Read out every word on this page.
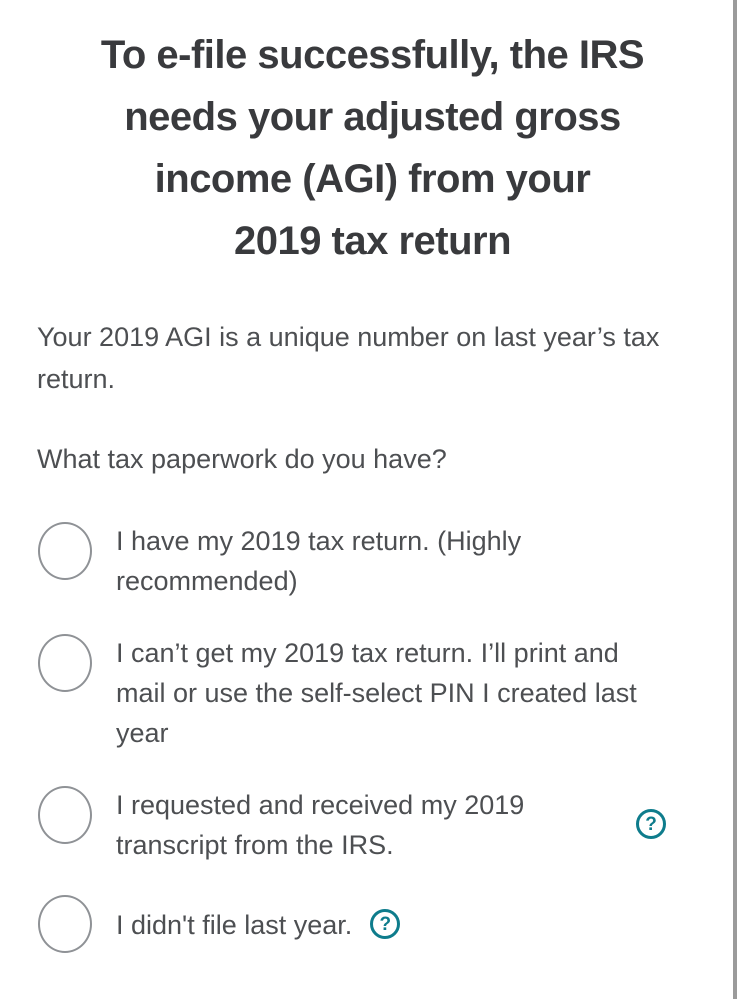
To e-file successfully, the IRS
needs your adjusted gross
income (AGI) from your
2019 tax return

Your 2019 AGI is a unique number on last year’s tax
return.

What tax paperwork do you have?

I have my 2019 tax return. (Highly
recommended)
I can’t get my 2019 tax return. I’ll print and
mail or use the self-select PIN I created last
year
I requested and received my 2019
transcript from the IRS.
?
I didn't file last year. ?
